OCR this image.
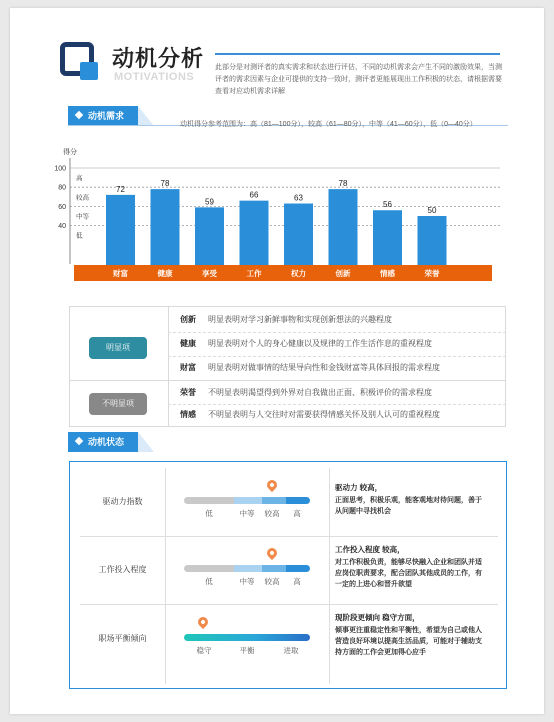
动机分析
MOTIVATIONS
此部分是对测评者的真实需求和状态进行评估，不同的动机需求会产生不同的激励效果，当测评者的需求因素与企业可提供的支持一致时，测评者更能展现出工作积极的状态，请根据需要查看对应动机需求详解
动机需求
动机得分参考范围为：高（81—100分），较高（61—80分），中等（41—60分），低（0—40分）
得分
100
80
60
40
高
较高
中等
低
72
财富
78
健康
59
享受
66
工作
63
权力
78
创新
56
情感
50
荣誉
明显项
不明显项
创新 明显表明对学习新鲜事物和实现创新想法的兴趣程度
健康 明显表明对个人的身心健康以及规律的工作生活作息的重视程度
财富 明显表明对做事情的结果导向性和金钱财富等具体回报的需求程度
荣誉 不明显表明渴望得到外界对自我做出正面、积极评价的需求程度
情感 不明显表明与人交往时对需要获得情感关怀及别人认可的重视程度
动机状态
驱动力指数
低	中等	较高	高
驱动力 较高，
正面思考，积极乐观，能客观地对待问题，善于从问题中寻找机会
工作投入程度
低	中等	较高	高
工作投入程度 较高，
对工作积极负责，能够尽快融入企业和团队并适应岗位职责要求，配合团队其他成员的工作，有一定的上进心和晋升欲望
职场平衡倾向
稳守	平衡	进取
现阶段更倾向 稳守方面，
倾事更注重稳定性和平衡性，希望为自己或他人营造良好环境以提高生活品质，可能对于辅助支持方面的工作会更加得心应手
